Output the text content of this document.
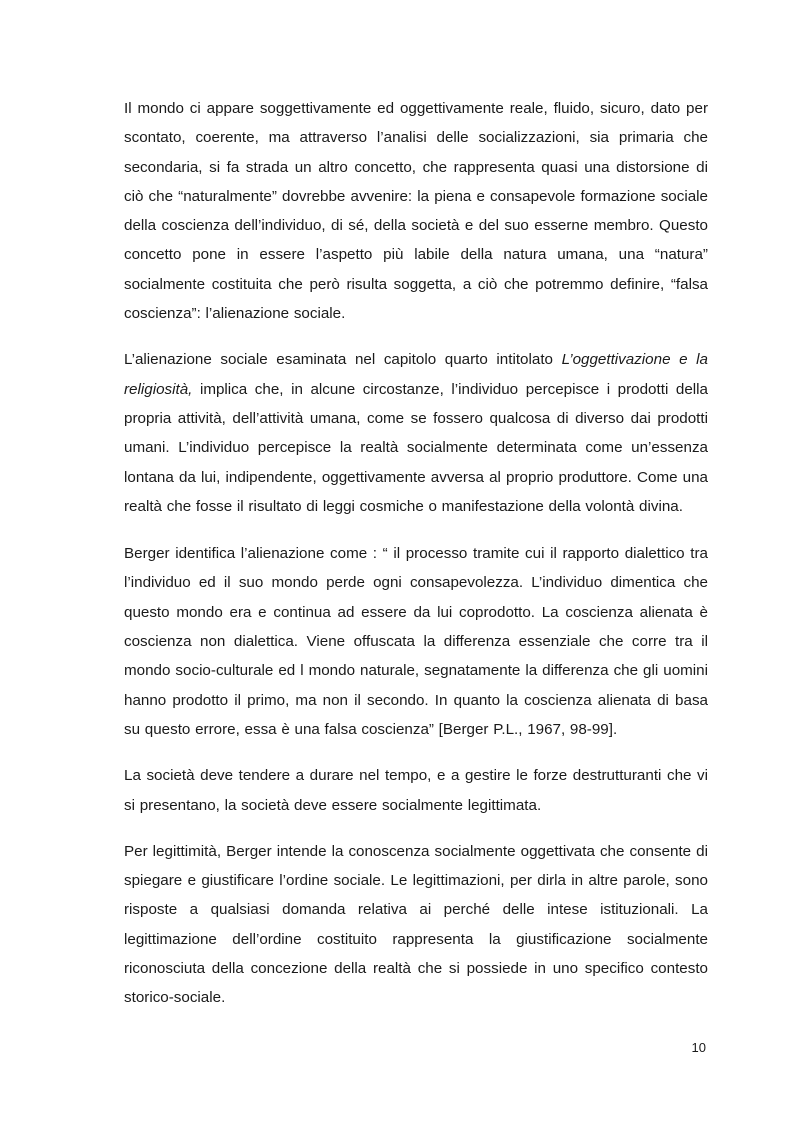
Il mondo ci appare soggettivamente ed oggettivamente reale, fluido, sicuro, dato per scontato, coerente, ma attraverso l’analisi delle socializzazioni, sia primaria che secondaria, si fa strada un altro concetto, che rappresenta quasi una distorsione di ciò che “naturalmente” dovrebbe avvenire: la piena e consapevole formazione sociale della coscienza dell’individuo, di sé, della società e del suo esserne membro. Questo concetto pone in essere l’aspetto più labile della natura umana, una “natura” socialmente costituita che però risulta soggetta, a ciò che potremmo definire, “falsa coscienza”: l’alienazione sociale.

L’alienazione sociale esaminata nel capitolo quarto intitolato L’oggettivazione e la religiosità, implica che, in alcune circostanze, l’individuo percepisce i prodotti della propria attività, dell’attività umana, come se fossero qualcosa di diverso dai prodotti umani. L’individuo percepisce la realtà socialmente determinata come un’essenza lontana da lui, indipendente, oggettivamente avversa al proprio produttore. Come una realtà che fosse il risultato di leggi cosmiche o manifestazione della volontà divina.

Berger identifica l’alienazione come : “ il processo tramite cui il rapporto dialettico tra l’individuo ed il suo mondo perde ogni consapevolezza. L’individuo dimentica che questo mondo era e continua ad essere da lui coprodotto. La coscienza alienata è coscienza non dialettica. Viene offuscata la differenza essenziale che corre tra il mondo socio-culturale ed l mondo naturale, segnatamente la differenza che gli uomini hanno prodotto il primo, ma non il secondo. In quanto la coscienza alienata di basa su questo errore, essa è una falsa coscienza” [Berger P.L., 1967, 98-99].

La società deve tendere a durare nel tempo, e a gestire le forze destrutturanti che vi si presentano, la società deve essere socialmente legittimata.

Per legittimità, Berger intende la conoscenza socialmente oggettivata che consente di spiegare e giustificare l’ordine sociale. Le legittimazioni, per dirla in altre parole, sono risposte a qualsiasi domanda relativa ai perché delle intese istituzionali. La legittimazione dell’ordine costituito rappresenta la giustificazione socialmente riconosciuta della concezione della realtà che si possiede in uno specifico contesto storico-sociale.

10
